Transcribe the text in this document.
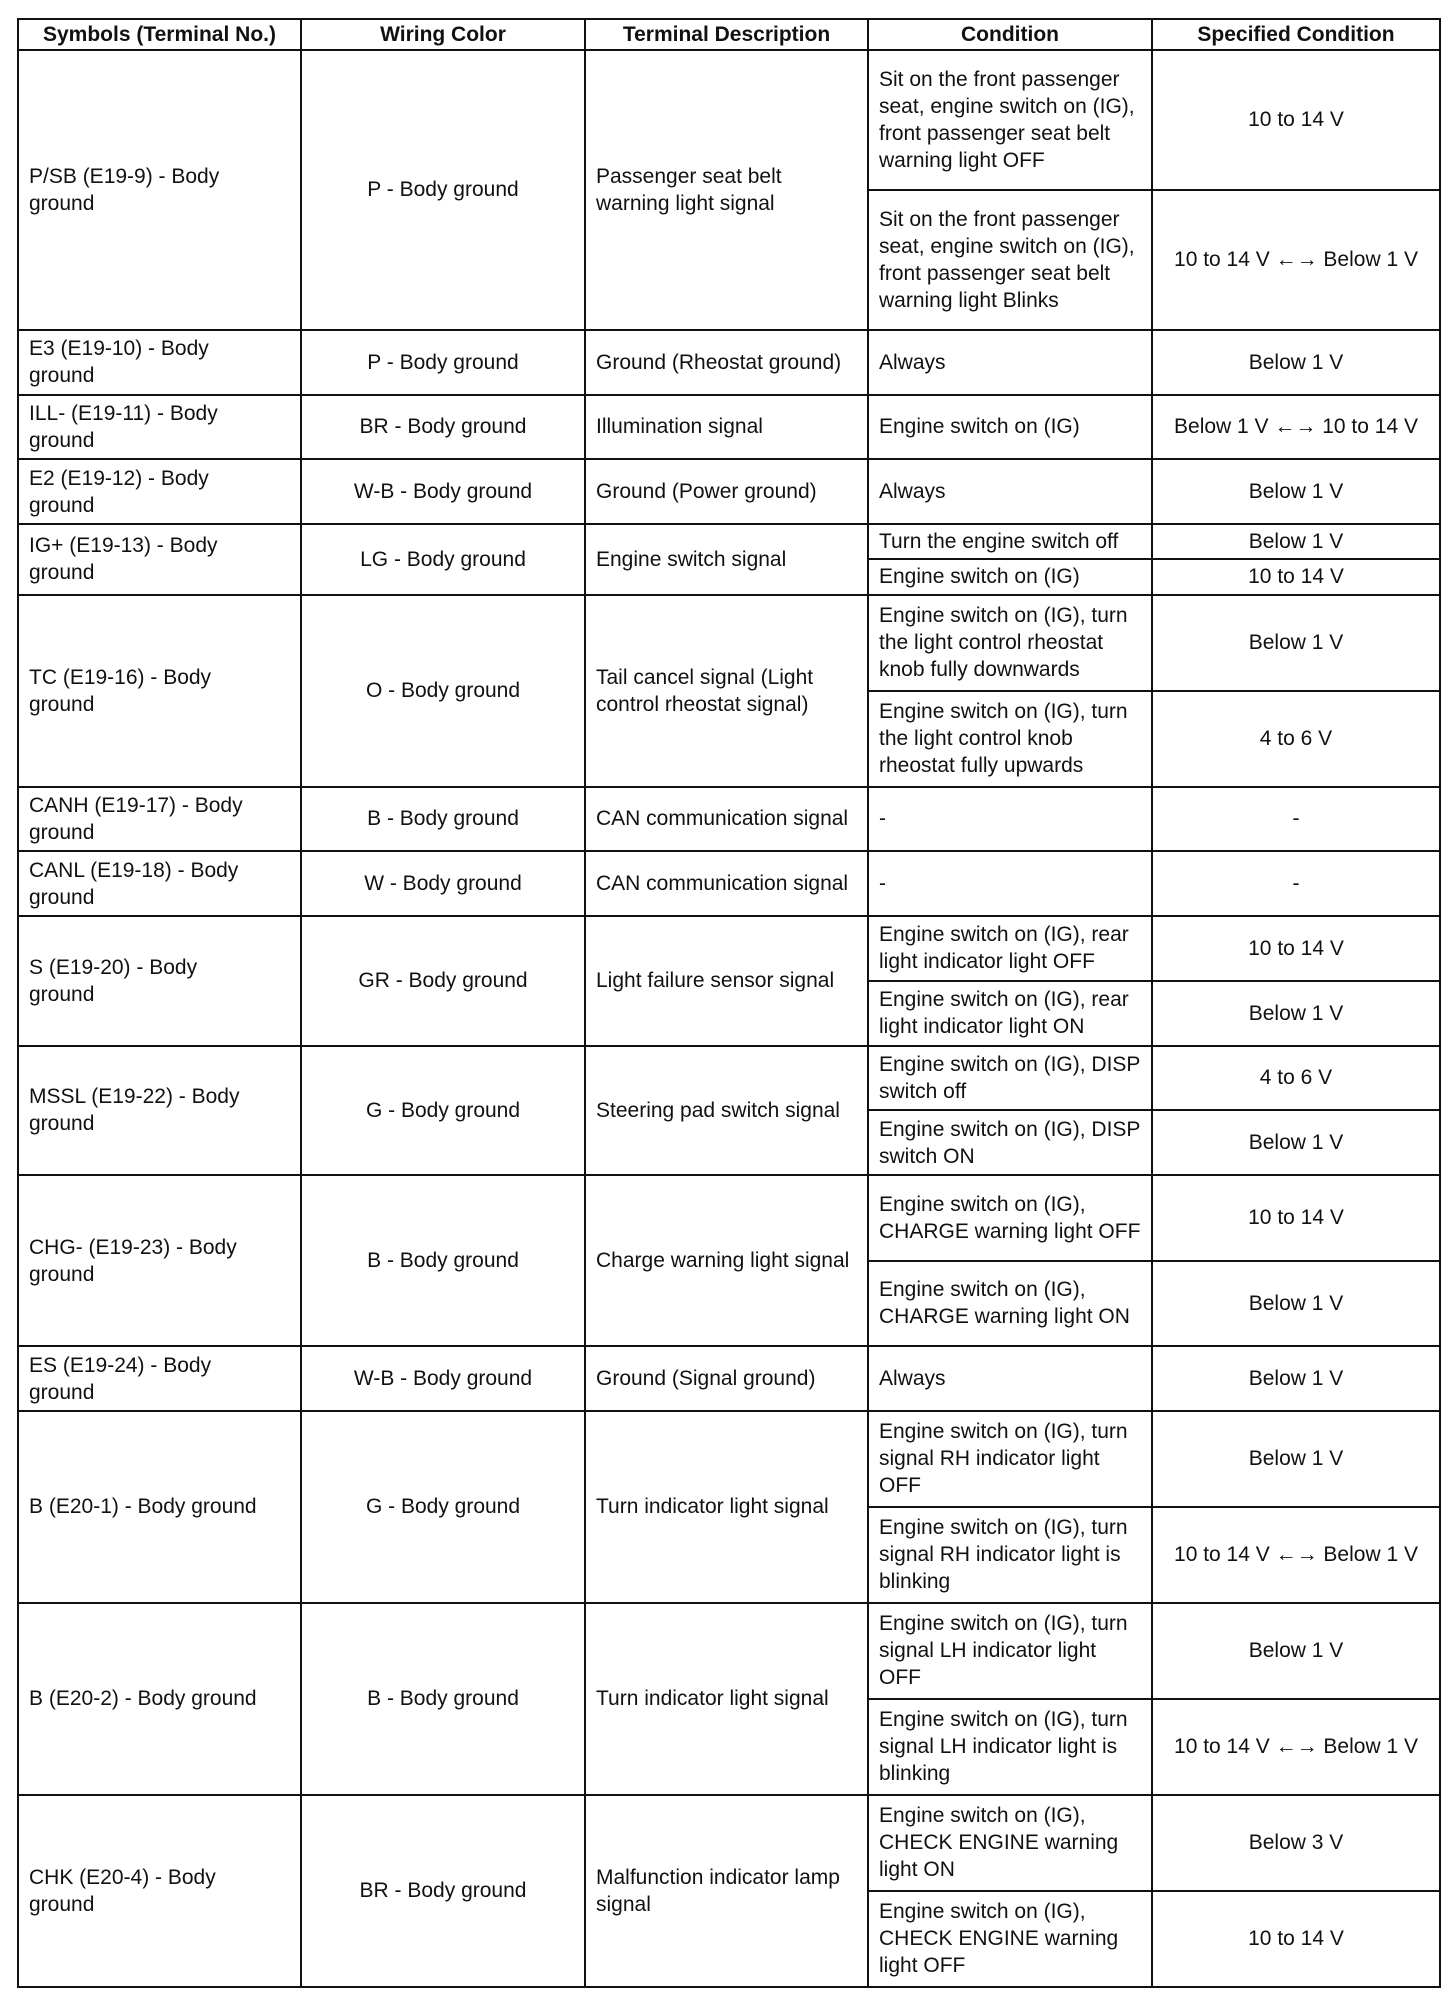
Symbols (Terminal No.)	Wiring Color	Terminal Description	Condition	Specified Condition
P/SB (E19-9) - Body ground	P - Body ground	Passenger seat belt warning light signal	Sit on the front passenger seat, engine switch on (IG), front passenger seat belt warning light OFF	10 to 14 V
			Sit on the front passenger seat, engine switch on (IG), front passenger seat belt warning light Blinks	10 to 14 V ←→ Below 1 V
E3 (E19-10) - Body ground	P - Body ground	Ground (Rheostat ground)	Always	Below 1 V
ILL- (E19-11) - Body ground	BR - Body ground	Illumination signal	Engine switch on (IG)	Below 1 V ←→ 10 to 14 V
E2 (E19-12) - Body ground	W-B - Body ground	Ground (Power ground)	Always	Below 1 V
IG+ (E19-13) - Body ground	LG - Body ground	Engine switch signal	Turn the engine switch off	Below 1 V
			Engine switch on (IG)	10 to 14 V
TC (E19-16) - Body ground	O - Body ground	Tail cancel signal (Light control rheostat signal)	Engine switch on (IG), turn the light control rheostat knob fully downwards	Below 1 V
			Engine switch on (IG), turn the light control knob rheostat fully upwards	4 to 6 V
CANH (E19-17) - Body ground	B - Body ground	CAN communication signal	-	-
CANL (E19-18) - Body ground	W - Body ground	CAN communication signal	-	-
S (E19-20) - Body ground	GR - Body ground	Light failure sensor signal	Engine switch on (IG), rear light indicator light OFF	10 to 14 V
			Engine switch on (IG), rear light indicator light ON	Below 1 V
MSSL (E19-22) - Body ground	G - Body ground	Steering pad switch signal	Engine switch on (IG), DISP switch off	4 to 6 V
			Engine switch on (IG), DISP switch ON	Below 1 V
CHG- (E19-23) - Body ground	B - Body ground	Charge warning light signal	Engine switch on (IG), CHARGE warning light OFF	10 to 14 V
			Engine switch on (IG), CHARGE warning light ON	Below 1 V
ES (E19-24) - Body ground	W-B - Body ground	Ground (Signal ground)	Always	Below 1 V
B (E20-1) - Body ground	G - Body ground	Turn indicator light signal	Engine switch on (IG), turn signal RH indicator light OFF	Below 1 V
			Engine switch on (IG), turn signal RH indicator light is blinking	10 to 14 V ←→ Below 1 V
B (E20-2) - Body ground	B - Body ground	Turn indicator light signal	Engine switch on (IG), turn signal LH indicator light OFF	Below 1 V
			Engine switch on (IG), turn signal LH indicator light is blinking	10 to 14 V ←→ Below 1 V
CHK (E20-4) - Body ground	BR - Body ground	Malfunction indicator lamp signal	Engine switch on (IG), CHECK ENGINE warning light ON	Below 3 V
			Engine switch on (IG), CHECK ENGINE warning light OFF	10 to 14 V
